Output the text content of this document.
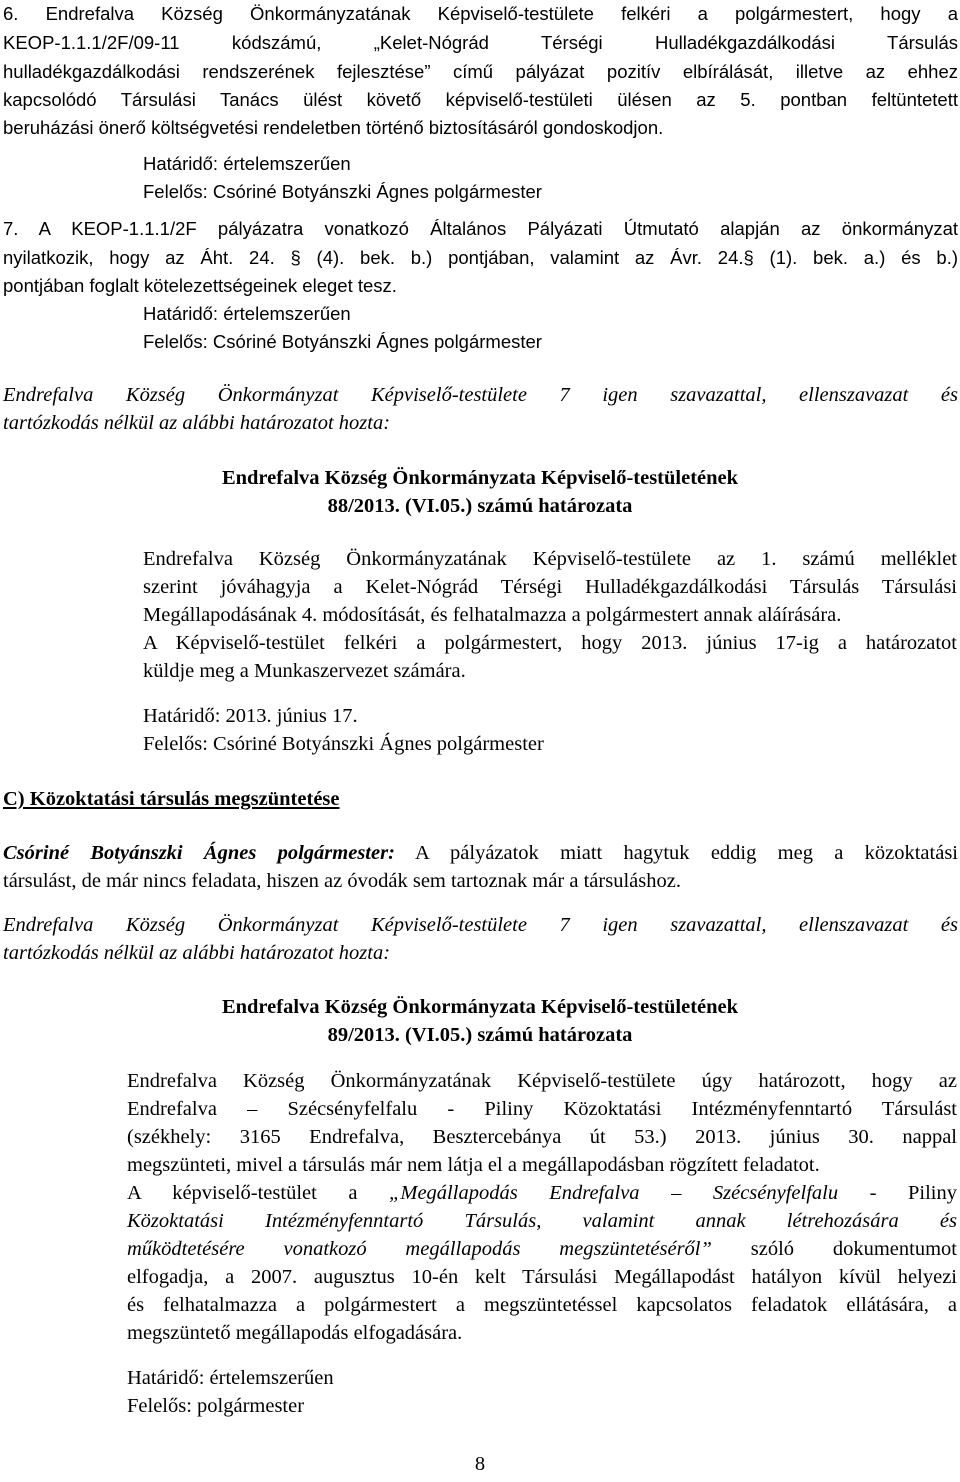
6. Endrefalva Község Önkormányzatának Képviselő-testülete felkéri a polgármestert, hogy a
KEOP-1.1.1/2F/09-11 kódszámú, „Kelet-Nógrád Térségi Hulladékgazdálkodási Társulás
hulladékgazdálkodási rendszerének fejlesztése” című pályázat pozitív elbírálását, illetve az ehhez
kapcsolódó Társulási Tanács ülést követő képviselő-testületi ülésen az 5. pontban feltüntetett
beruházási önerő költségvetési rendeletben történő biztosításáról gondoskodjon.
Határidő: értelemszerűen
Felelős: Csóriné Botyánszki Ágnes polgármester
7. A KEOP-1.1.1/2F pályázatra vonatkozó Általános Pályázati Útmutató alapján az önkormányzat
nyilatkozik, hogy az Áht. 24. § (4). bek. b.) pontjában, valamint az Ávr. 24.§ (1). bek. a.) és b.)
pontjában foglalt kötelezettségeinek eleget tesz.
Határidő: értelemszerűen
Felelős: Csóriné Botyánszki Ágnes polgármester
Endrefalva Község Önkormányzat Képviselő-testülete 7 igen szavazattal, ellenszavazat és
tartózkodás nélkül az alábbi határozatot hozta:
Endrefalva Község Önkormányzata Képviselő-testületének
88/2013. (VI.05.) számú határozata
Endrefalva Község Önkormányzatának Képviselő-testülete az 1. számú melléklet
szerint jóváhagyja a Kelet-Nógrád Térségi Hulladékgazdálkodási Társulás Társulási
Megállapodásának 4. módosítását, és felhatalmazza a polgármestert annak aláírására.
A Képviselő-testület felkéri a polgármestert, hogy 2013. június 17-ig a határozatot
küldje meg a Munkaszervezet számára.
Határidő: 2013. június 17.
Felelős: Csóriné Botyánszki Ágnes polgármester
C) Közoktatási társulás megszüntetése
Csóriné Botyánszki Ágnes polgármester: A pályázatok miatt hagytuk eddig meg a közoktatási
társulást, de már nincs feladata, hiszen az óvodák sem tartoznak már a társuláshoz.
Endrefalva Község Önkormányzat Képviselő-testülete 7 igen szavazattal, ellenszavazat és
tartózkodás nélkül az alábbi határozatot hozta:
Endrefalva Község Önkormányzata Képviselő-testületének
89/2013. (VI.05.) számú határozata
Endrefalva Község Önkormányzatának Képviselő-testülete úgy határozott, hogy az
Endrefalva – Szécsényfelfalu - Piliny Közoktatási Intézményfenntartó Társulást
(székhely: 3165 Endrefalva, Besztercebánya út 53.) 2013. június 30. nappal
megszünteti, mivel a társulás már nem látja el a megállapodásban rögzített feladatot.
A képviselő-testület a „Megállapodás Endrefalva – Szécsényfelfalu - Piliny
Közoktatási Intézményfenntartó Társulás, valamint annak létrehozására és
működtetésére vonatkozó megállapodás megszüntetéséről” szóló dokumentumot
elfogadja, a 2007. augusztus 10-én kelt Társulási Megállapodást hatályon kívül helyezi
és felhatalmazza a polgármestert a megszüntetéssel kapcsolatos feladatok ellátására, a
megszüntető megállapodás elfogadására.
Határidő: értelemszerűen
Felelős: polgármester
8
